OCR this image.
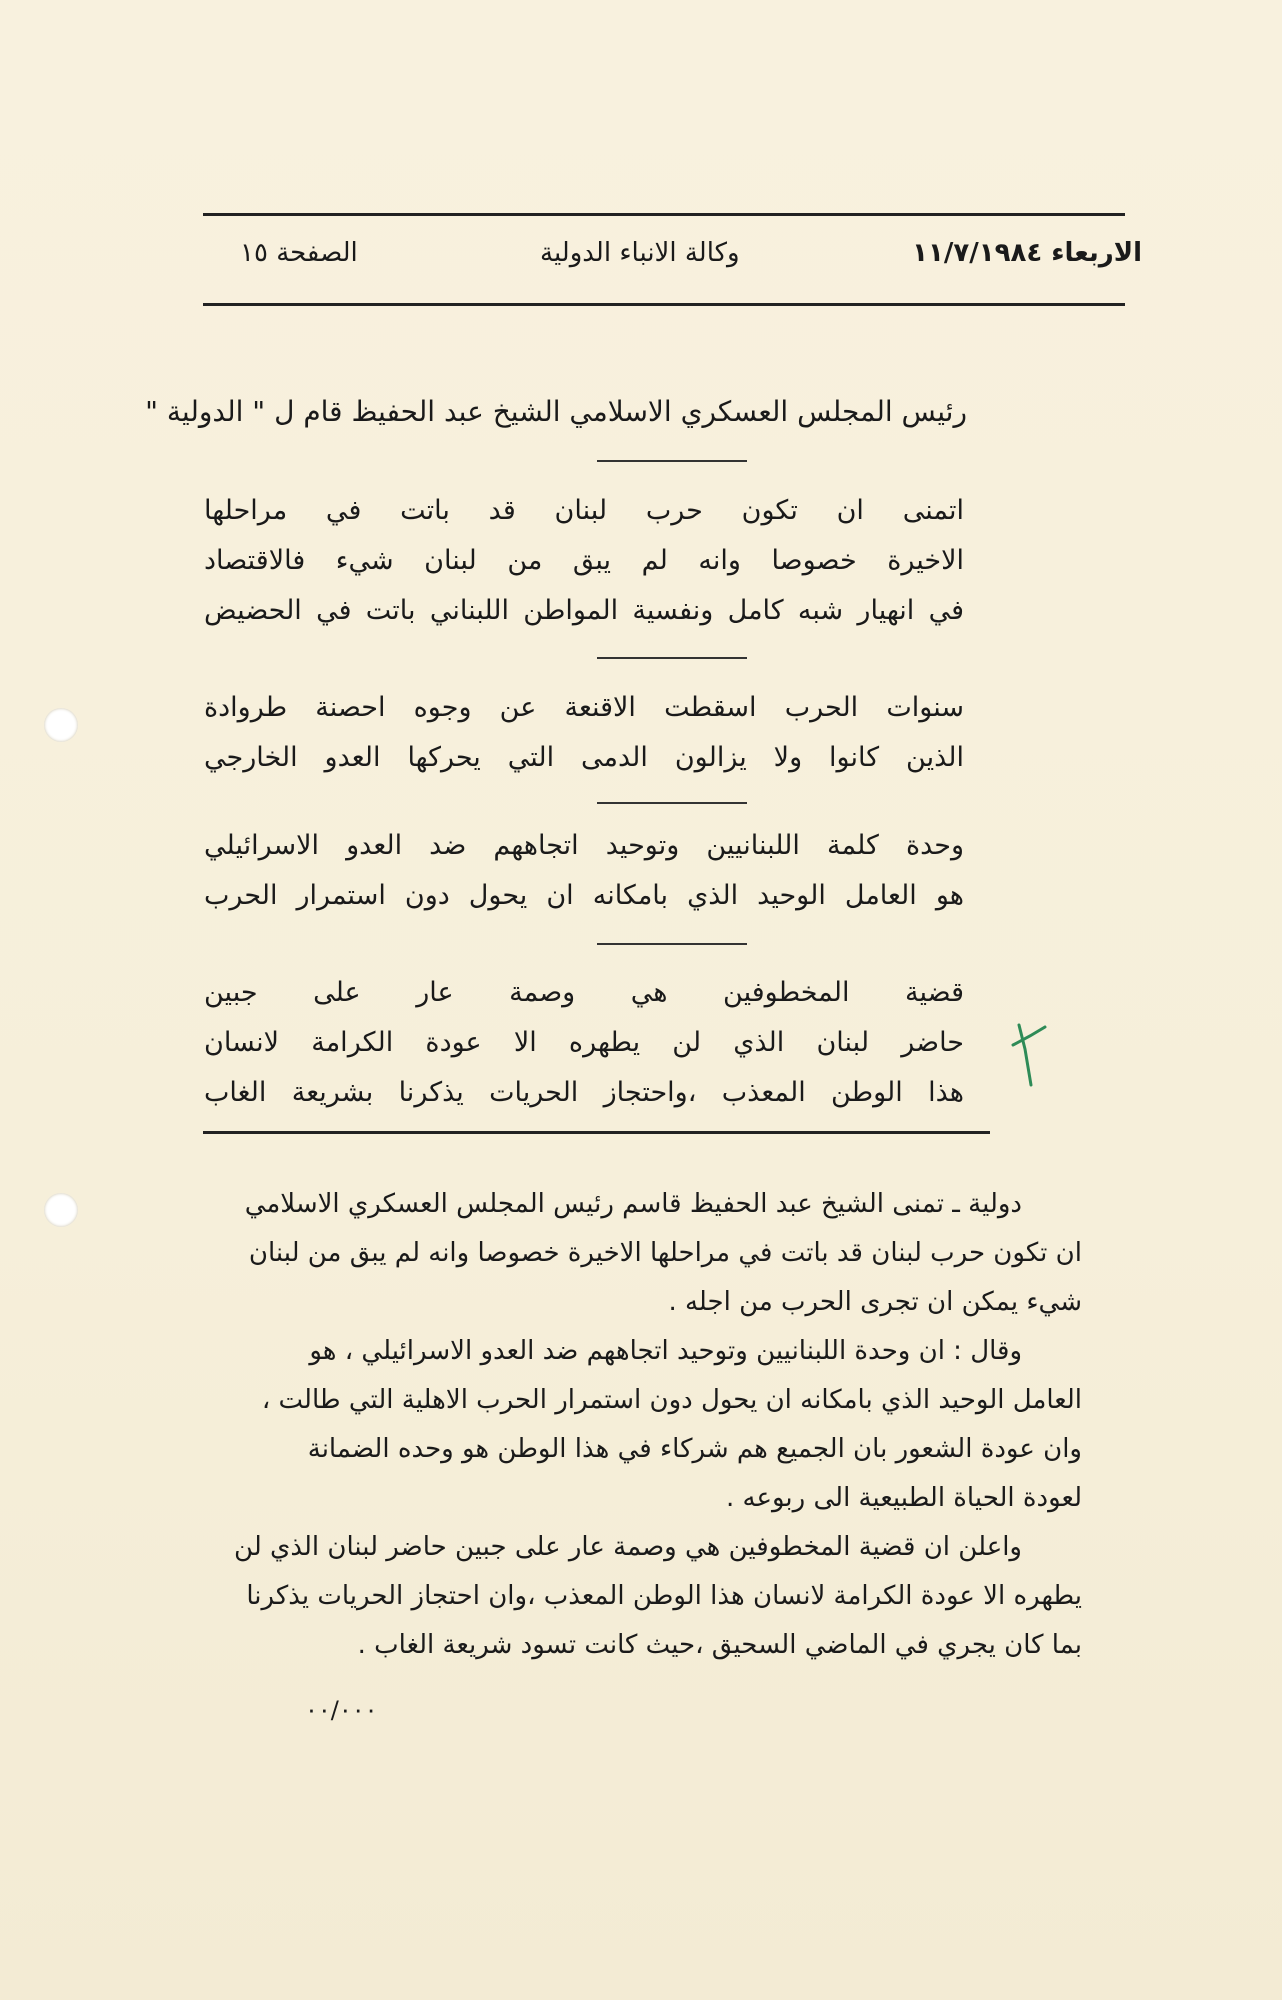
الاربعاء ١١/٧/١٩٨٤
وكالة الانباء الدولية
الصفحة ١٥
رئيس المجلس العسكري الاسلامي الشيخ عبد الحفيظ قام ل " الدولية "
اتمنى ان تكون حرب لبنان قد باتت في مراحلها
الاخيرة خصوصا وانه لم يبق من لبنان شيء فالاقتصاد
في انهيار شبه كامل ونفسية المواطن اللبناني باتت في الحضيض
سنوات الحرب اسقطت الاقنعة عن وجوه احصنة طروادة
الذين كانوا ولا يزالون الدمى التي يحركها العدو الخارجي
وحدة كلمة اللبنانيين وتوحيد اتجاههم ضد العدو الاسرائيلي
هو العامل الوحيد الذي بامكانه ان يحول دون استمرار الحرب
قضية المخطوفين هي وصمة عار على جبين
حاضر لبنان الذي لن يطهره الا عودة الكرامة لانسان
هذا الوطن المعذب ،واحتجاز الحريات يذكرنا بشريعة الغاب
دولية ـ تمنى الشيخ عبد الحفيظ قاسم رئيس المجلس العسكري الاسلامي
ان تكون حرب لبنان قد باتت في مراحلها الاخيرة خصوصا وانه لم يبق من لبنان
شيء يمكن ان تجرى الحرب من اجله .
وقال : ان وحدة اللبنانيين وتوحيد اتجاههم ضد العدو الاسرائيلي ، هو
العامل الوحيد الذي بامكانه ان يحول دون استمرار الحرب الاهلية التي طالت ،
وان عودة الشعور بان الجميع هم شركاء في هذا الوطن هو وحده الضمانة
لعودة الحياة الطبيعية الى ربوعه .
واعلن ان قضية المخطوفين هي وصمة عار على جبين حاضر لبنان الذي لن
يطهره الا عودة الكرامة لانسان هذا الوطن المعذب ،وان احتجاز الحريات يذكرنا
بما كان يجري في الماضي السحيق ،حيث كانت تسود شريعة الغاب .
٠٠/٠٠٠
